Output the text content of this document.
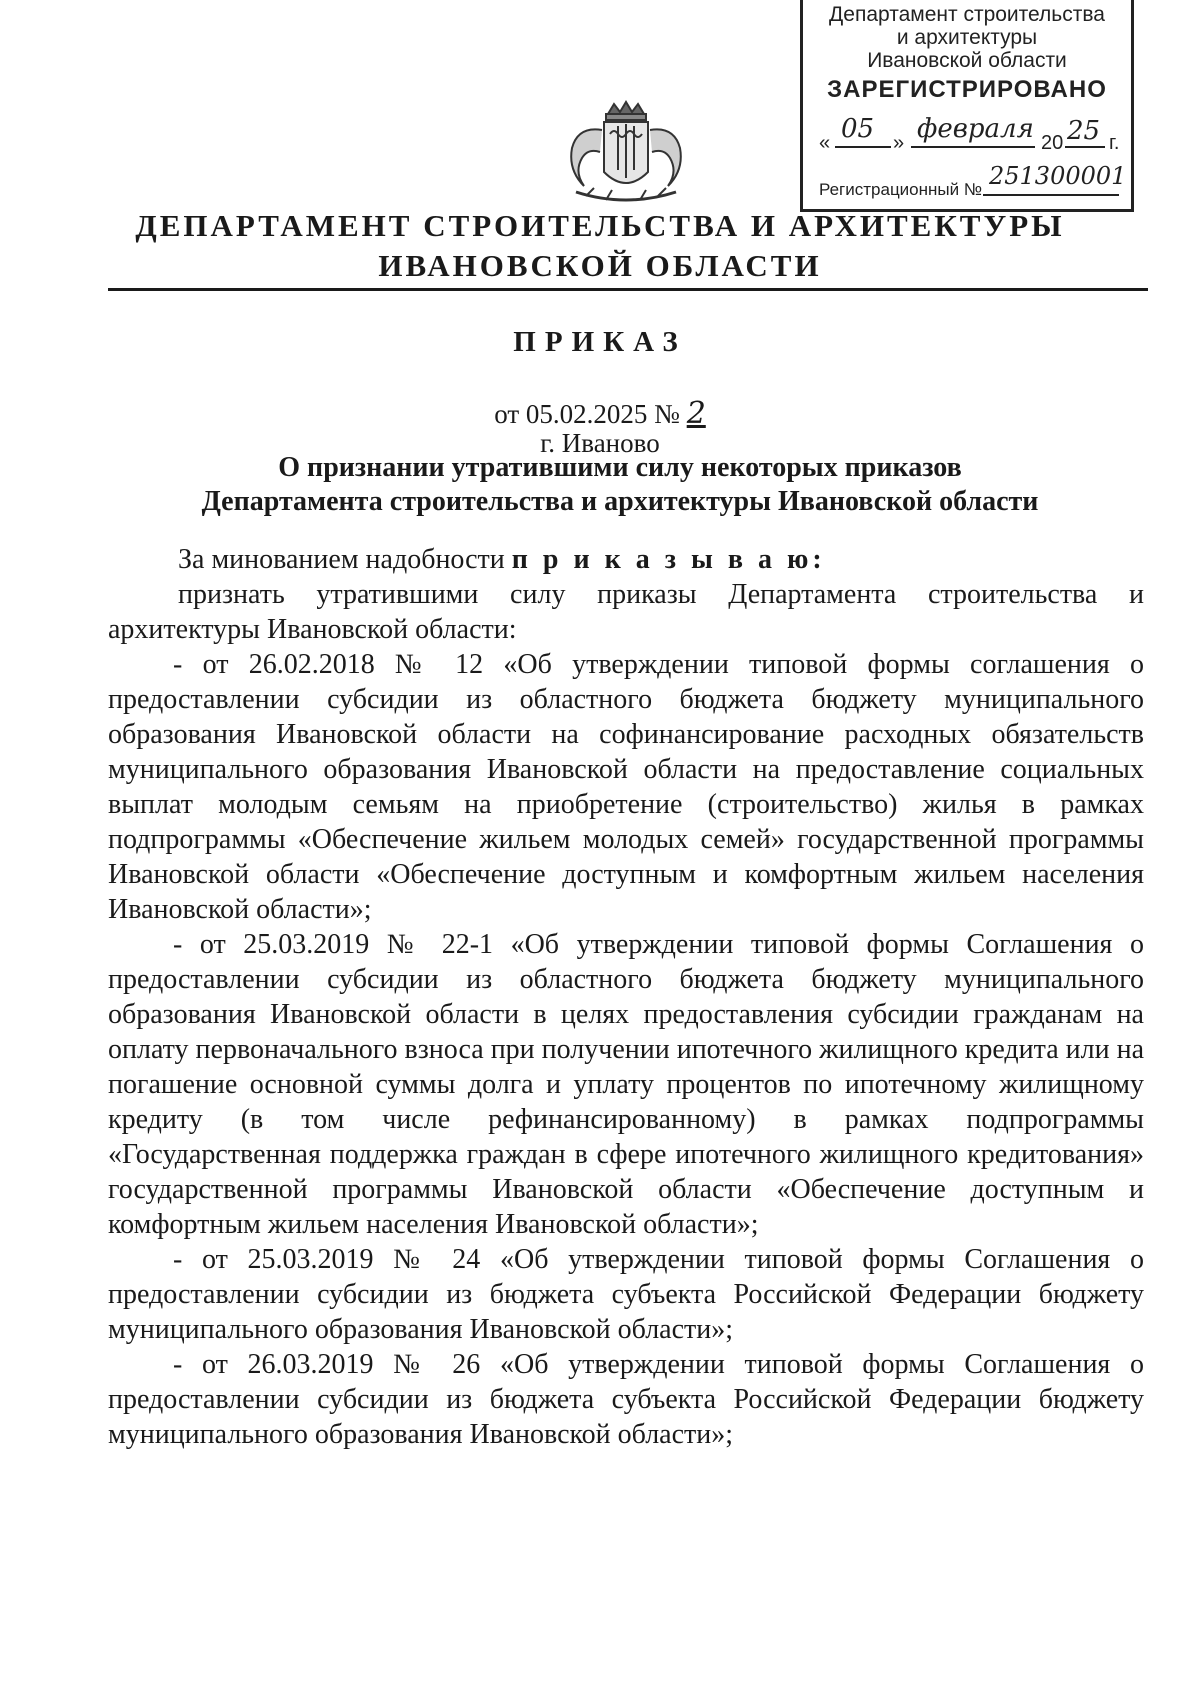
Департамент строительства
и архитектуры
Ивановской области
ЗАРЕГИСТРИРОВАНО
« 05 » февраля 20 25 г.
Регистрационный № 251300001
ДЕПАРТАМЕНТ СТРОИТЕЛЬСТВА И АРХИТЕКТУРЫ
ИВАНОВСКОЙ ОБЛАСТИ
ПРИКАЗ
от 05.02.2025 № 2
г. Иваново
О признании утратившими силу некоторых приказов
Департамента строительства и архитектуры Ивановской области

За минованием надобности п р и к а з ы в а ю:

признать утратившими силу приказы Департамента строительства и архитектуры Ивановской области:

- от 26.02.2018 № 12 «Об утверждении типовой формы соглашения о предоставлении субсидии из областного бюджета бюджету муниципального образования Ивановской области на софинансирование расходных обязательств муниципального образования Ивановской области на предоставление социальных выплат молодым семьям на приобретение (строительство) жилья в рамках подпрограммы «Обеспечение жильем молодых семей» государственной программы Ивановской области «Обеспечение доступным и комфортным жильем населения Ивановской области»;

- от 25.03.2019 № 22-1 «Об утверждении типовой формы Соглашения о предоставлении субсидии из областного бюджета бюджету муниципального образования Ивановской области в целях предоставления субсидии гражданам на оплату первоначального взноса при получении ипотечного жилищного кредита или на погашение основной суммы долга и уплату процентов по ипотечному жилищному кредиту (в том числе рефинансированному) в рамках подпрограммы «Государственная поддержка граждан в сфере ипотечного жилищного кредитования» государственной программы Ивановской области «Обеспечение доступным и комфортным жильем населения Ивановской области»;

- от 25.03.2019 № 24 «Об утверждении типовой формы Соглашения о предоставлении субсидии из бюджета субъекта Российской Федерации бюджету муниципального образования Ивановской области»;

- от 26.03.2019 № 26 «Об утверждении типовой формы Соглашения о предоставлении субсидии из бюджета субъекта Российской Федерации бюджету муниципального образования Ивановской области»;
